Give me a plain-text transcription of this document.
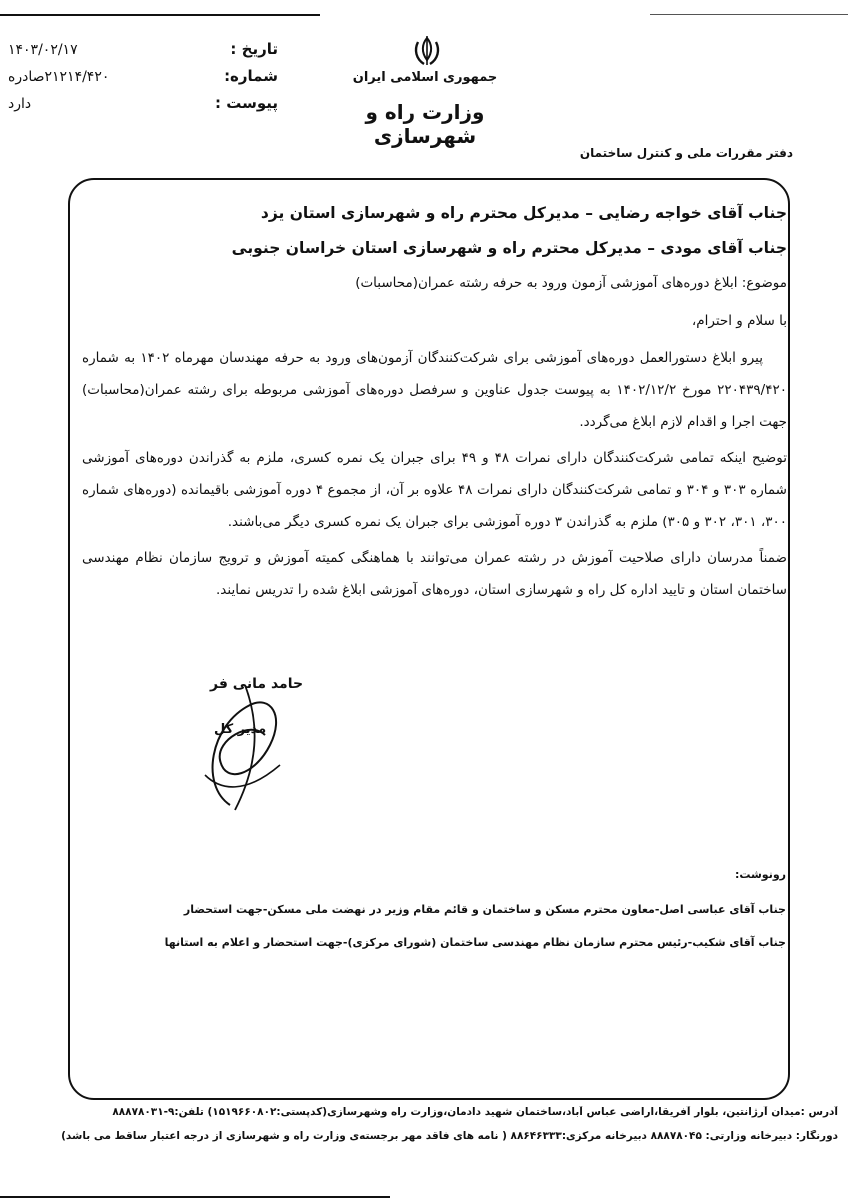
تاریخ :
۱۴۰۳/۰۲/۱۷
شماره:
۲۱۲۱۴/۴۲۰صادره
پیوست :
دارد
جمهوری اسلامی ایران
وزارت راه و شهرسازی
دفتر مقررات ملی و کنترل ساختمان

جناب آقای خواجه رضایی – مدیرکل محترم راه و شهرسازی استان یزد

جناب آقای مودی – مدیرکل محترم راه و شهرسازی استان خراسان جنوبی

موضوع: ابلاغ دوره‌های آموزشی آزمون ورود به حرفه رشته عمران(محاسبات)

با سلام و احترام،

پیرو ابلاغ دستورالعمل دوره‌های آموزشی برای شرکت‌کنندگان آزمون‌های ورود به حرفه مهندسان مهرماه ۱۴۰۲ به شماره ۲۲۰۴۳۹/۴۲۰ مورخ ۱۴۰۲/۱۲/۲ به پیوست جدول عناوین و سرفصل دوره‌های آموزشی مربوطه برای رشته عمران(محاسبات) جهت اجرا و اقدام لازم ابلاغ می‌گردد.

توضیح اینکه تمامی شرکت‌کنندگان دارای نمرات ۴۸ و ۴۹ برای جبران یک نمره کسری، ملزم به گذراندن دوره‌های آموزشی شماره ۳۰۳ و ۳۰۴ و تمامی شرکت‌کنندگان دارای نمرات ۴۸ علاوه بر آن، از مجموع ۴ دوره آموزشی باقیمانده (دوره‌های شماره ۳۰۰، ۳۰۱، ۳۰۲ و ۳۰۵) ملزم به گذراندن ۳ دوره آموزشی برای جبران یک نمره کسری دیگر می‌باشند.

ضمناً مدرسان دارای صلاحیت آموزش در رشته عمران می‌توانند با هماهنگی کمیته آموزش و ترویج سازمان نظام مهندسی ساختمان استان و تایید اداره کل راه و شهرسازی استان، دوره‌های آموزشی ابلاغ شده را تدریس نمایند.

حامد مانی فر
مدیر کل

رونوشت:

جناب آقای عباسی اصل-معاون محترم مسکن و ساختمان و قائم مقام وزیر در نهضت ملی مسکن-جهت استحضار

جناب آقای شکیب-رئیس محترم سازمان نظام مهندسی ساختمان (شورای مرکزی)-جهت استحضار و اعلام به استانها

آدرس :میدان آرژانتین، بلوار آفریقا،اراضی عباس آباد،ساختمان شهید دادمان،وزارت راه وشهرسازی(کدپستی:۱۵۱۹۶۶۰۸۰۲) تلفن:۹-۸۸۸۷۸۰۳۱
دورنگار: دبیرخانه وزارتی: ۸۸۸۷۸۰۴۵ دبیرخانه مرکزی:۸۸۶۴۶۳۳۳ ( نامه های فاقد مهر برجسته‌ی وزارت راه و شهرسازی از درجه اعتبار ساقط می باشد)
